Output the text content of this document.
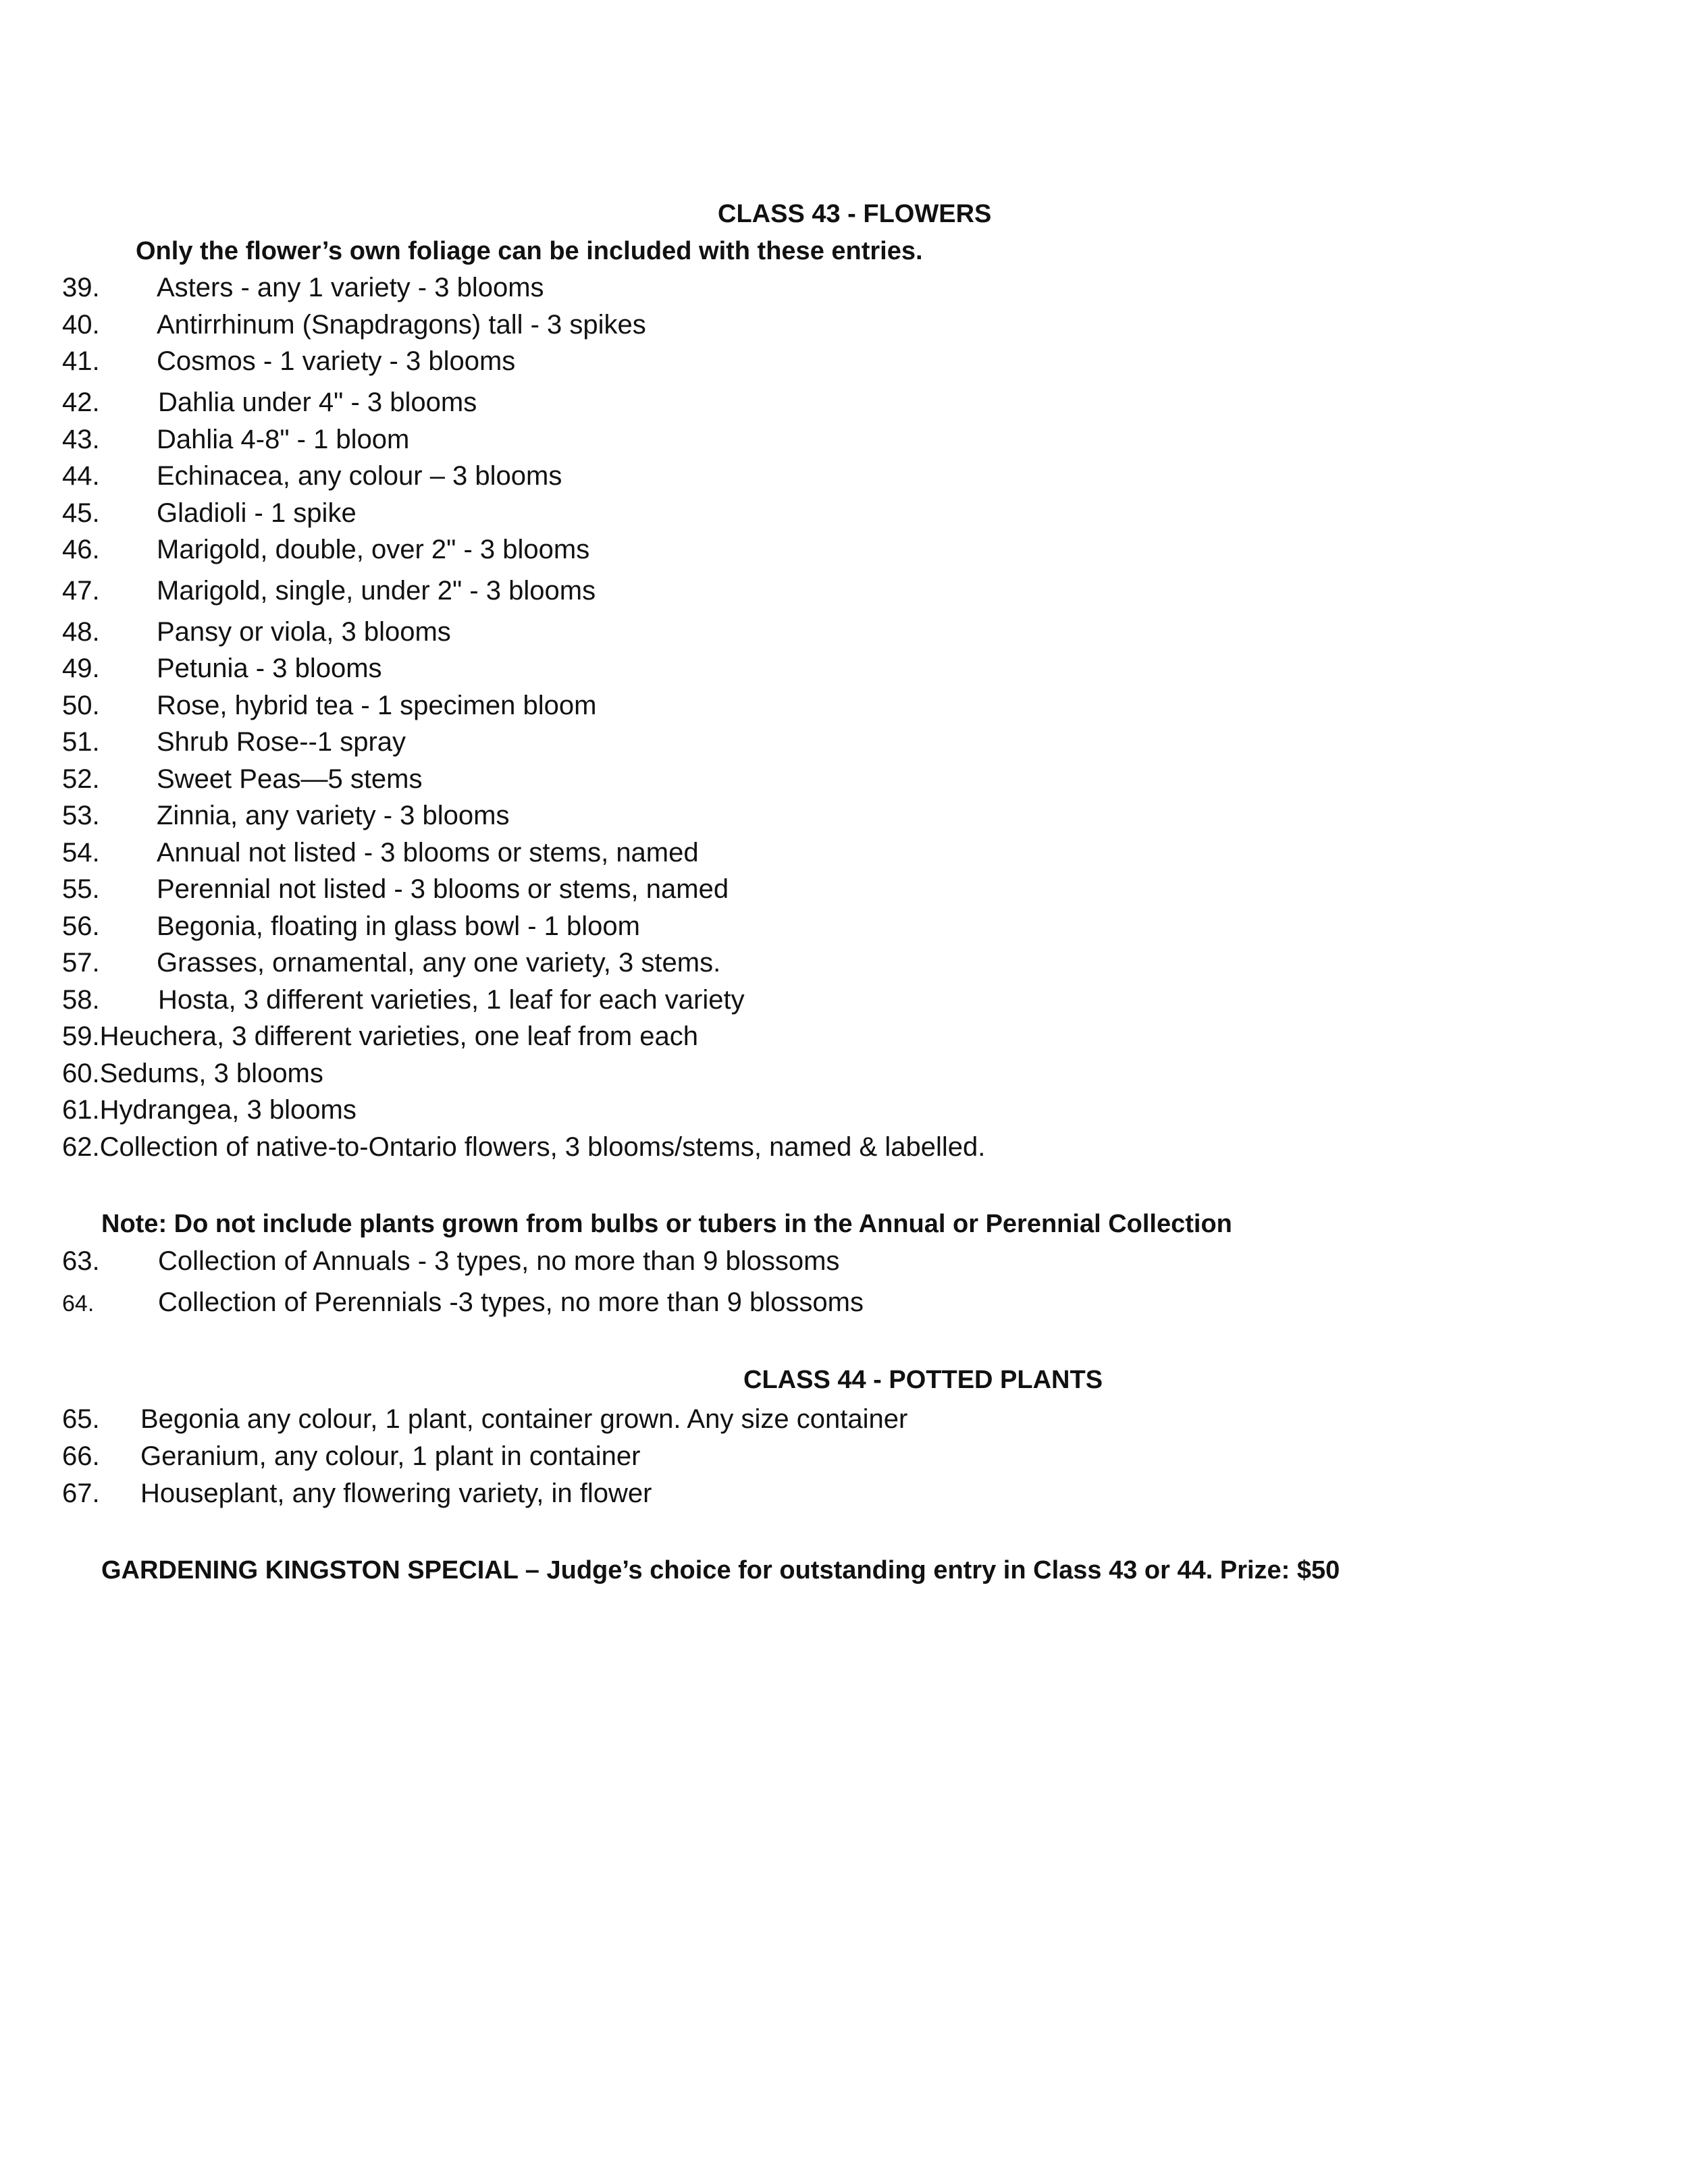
CLASS 43 - FLOWERS
Only the flower’s own foliage can be included with these entries.
39. Asters - any 1 variety - 3 blooms
40. Antirrhinum (Snapdragons) tall - 3 spikes
41. Cosmos - 1 variety - 3 blooms
42. Dahlia under 4" - 3 blooms
43. Dahlia 4-8" - 1 bloom
44. Echinacea, any colour – 3 blooms
45. Gladioli - 1 spike
46. Marigold, double, over 2" - 3 blooms
47. Marigold, single, under 2" - 3 blooms
48. Pansy or viola, 3 blooms
49. Petunia - 3 blooms
50. Rose, hybrid tea - 1 specimen bloom
51. Shrub Rose--1 spray
52. Sweet Peas—5 stems
53. Zinnia, any variety - 3 blooms
54. Annual not listed - 3 blooms or stems, named
55. Perennial not listed - 3 blooms or stems, named
56. Begonia, floating in glass bowl - 1 bloom
57. Grasses, ornamental, any one variety, 3 stems.
58. Hosta, 3 different varieties, 1 leaf for each variety
59.Heuchera, 3 different varieties, one leaf from each
60.Sedums, 3 blooms
61.Hydrangea, 3 blooms
62.Collection of native-to-Ontario flowers, 3 blooms/stems, named & labelled.
Note: Do not include plants grown from bulbs or tubers in the Annual or Perennial Collection
63. Collection of Annuals - 3 types, no more than 9 blossoms
64. Collection of Perennials -3 types, no more than 9 blossoms
CLASS 44 - POTTED PLANTS
65. Begonia any colour, 1 plant, container grown. Any size container
66. Geranium, any colour, 1 plant in container
67. Houseplant, any flowering variety, in flower
GARDENING KINGSTON SPECIAL – Judge’s choice for outstanding entry in Class 43 or 44. Prize: $50
